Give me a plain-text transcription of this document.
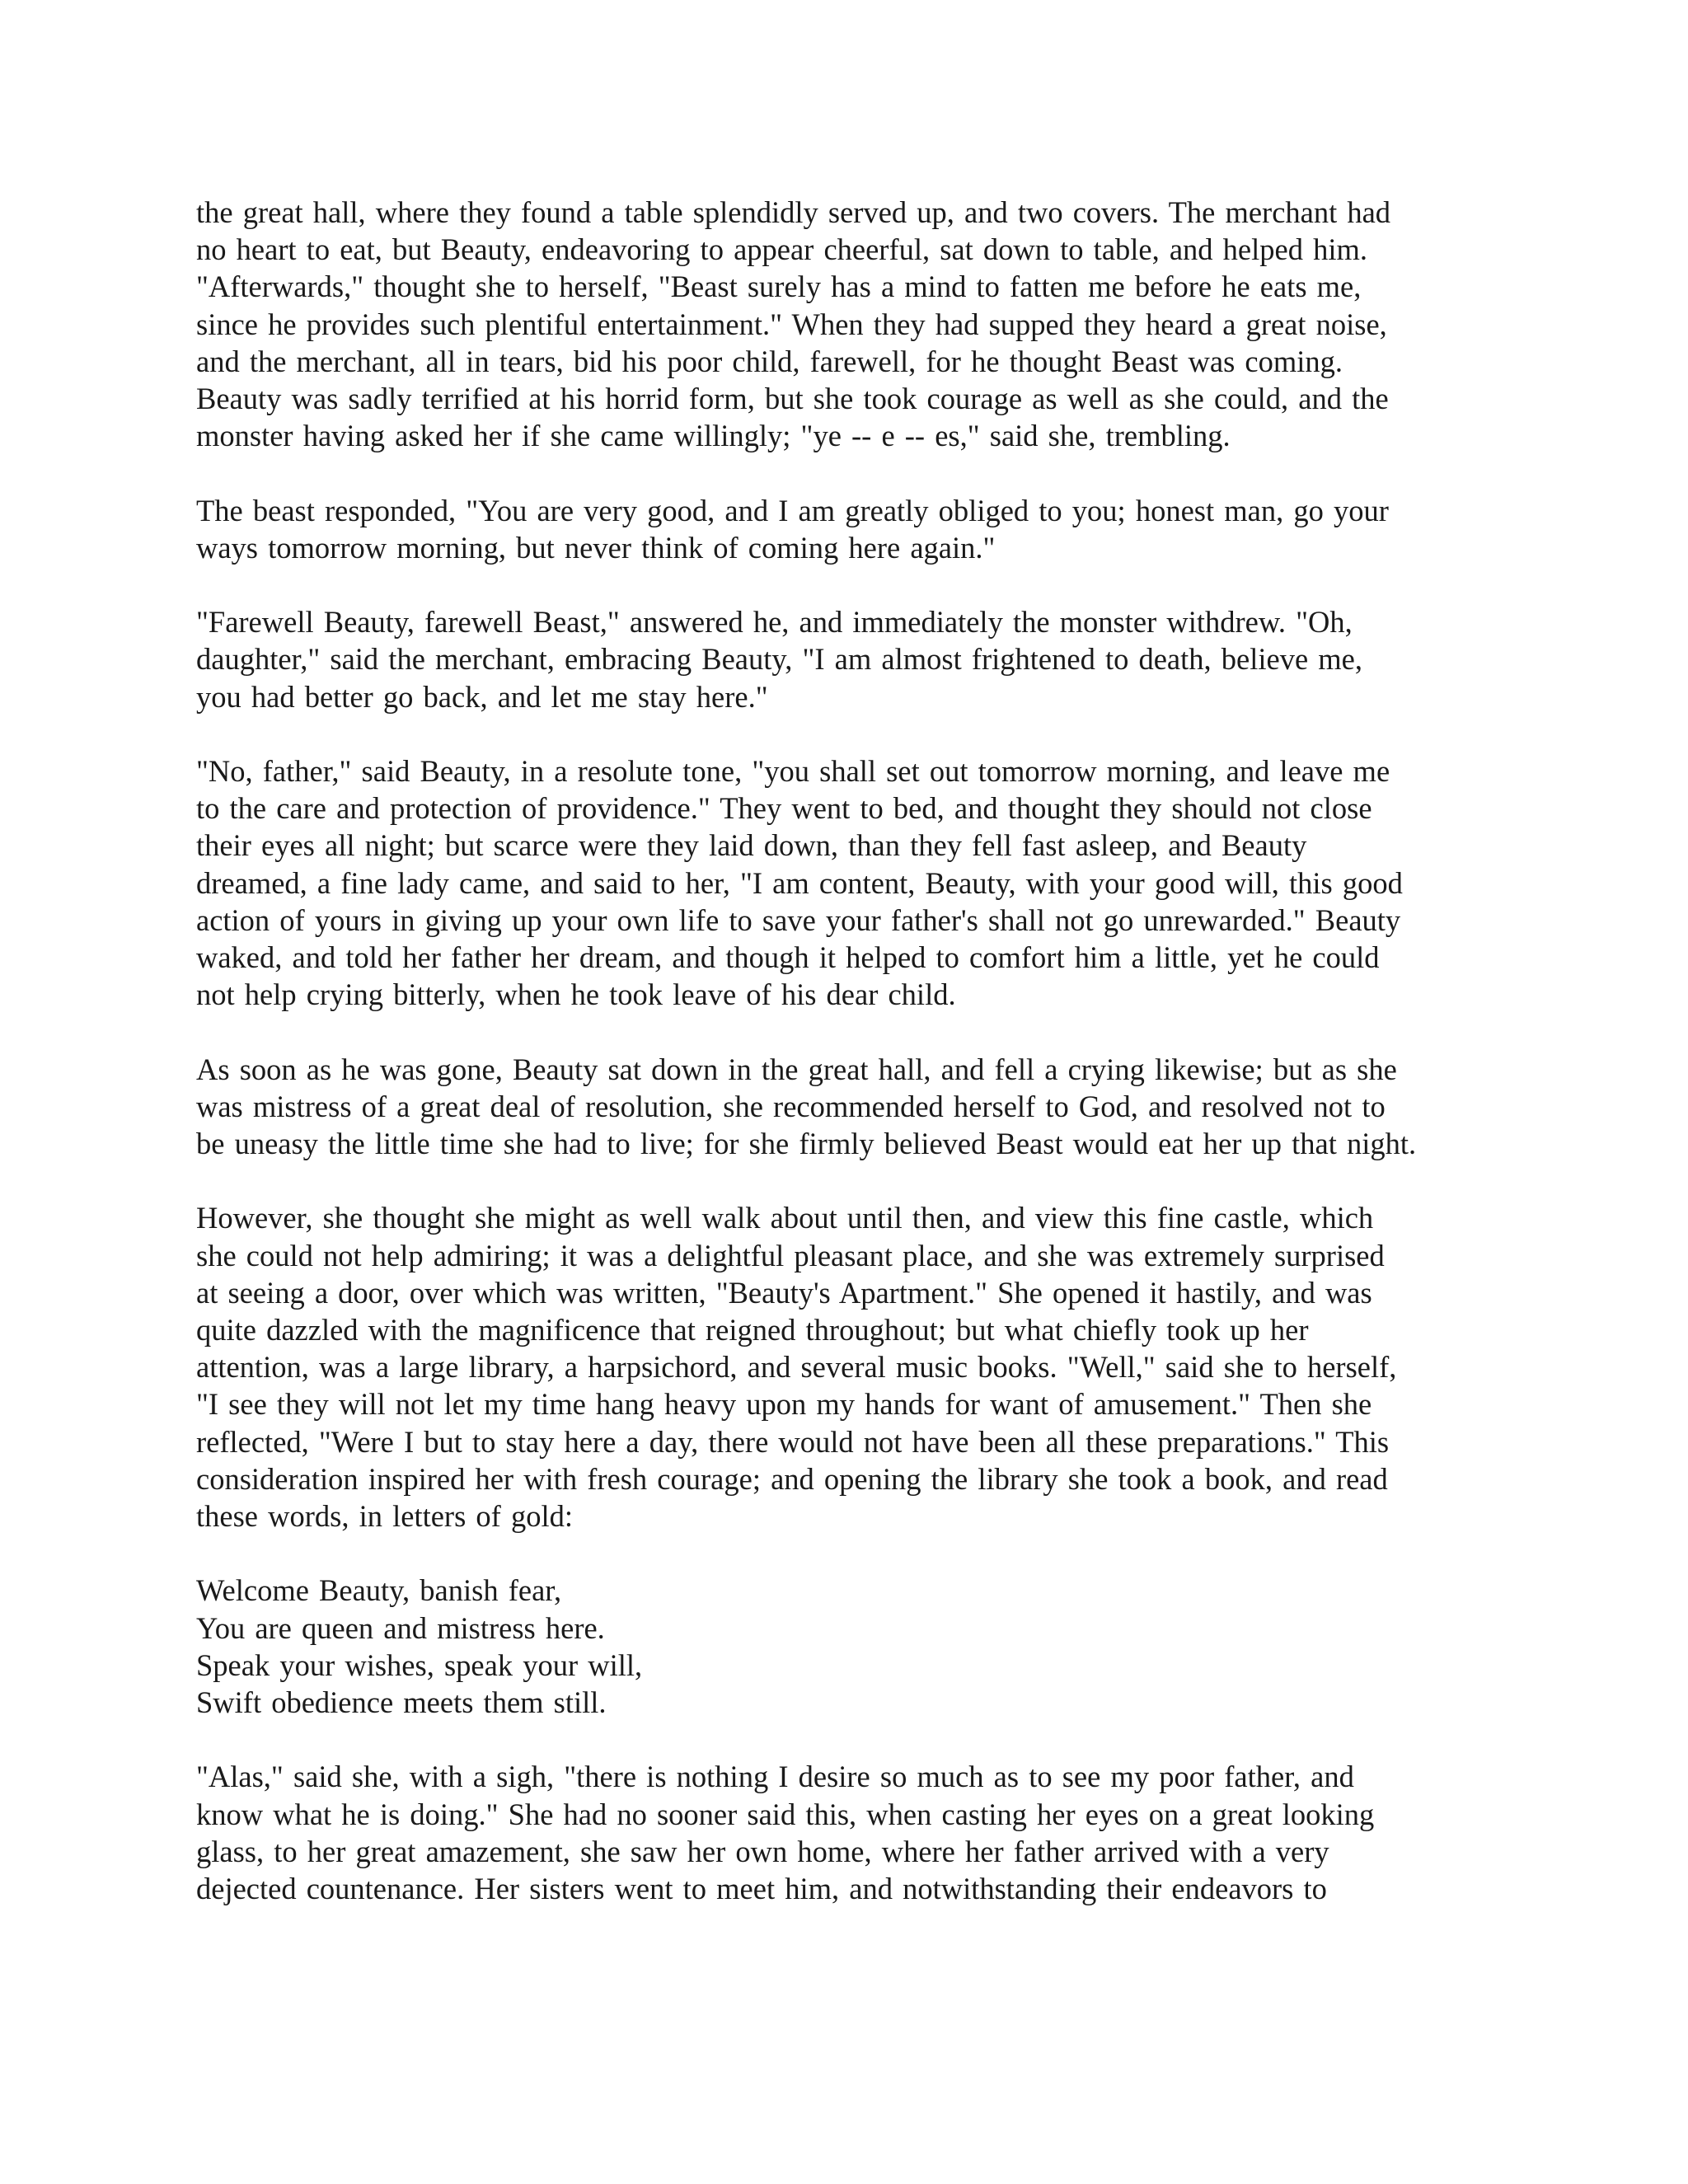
the great hall, where they found a table splendidly served up, and two covers. The merchant had
no heart to eat, but Beauty, endeavoring to appear cheerful, sat down to table, and helped him.
"Afterwards," thought she to herself, "Beast surely has a mind to fatten me before he eats me,
since he provides such plentiful entertainment." When they had supped they heard a great noise,
and the merchant, all in tears, bid his poor child, farewell, for he thought Beast was coming.
Beauty was sadly terrified at his horrid form, but she took courage as well as she could, and the
monster having asked her if she came willingly; "ye -- e -- es," said she, trembling.
The beast responded, "You are very good, and I am greatly obliged to you; honest man, go your
ways tomorrow morning, but never think of coming here again."
"Farewell Beauty, farewell Beast," answered he, and immediately the monster withdrew. "Oh,
daughter," said the merchant, embracing Beauty, "I am almost frightened to death, believe me,
you had better go back, and let me stay here."
"No, father," said Beauty, in a resolute tone, "you shall set out tomorrow morning, and leave me
to the care and protection of providence." They went to bed, and thought they should not close
their eyes all night; but scarce were they laid down, than they fell fast asleep, and Beauty
dreamed, a fine lady came, and said to her, "I am content, Beauty, with your good will, this good
action of yours in giving up your own life to save your father's shall not go unrewarded." Beauty
waked, and told her father her dream, and though it helped to comfort him a little, yet he could
not help crying bitterly, when he took leave of his dear child.
As soon as he was gone, Beauty sat down in the great hall, and fell a crying likewise; but as she
was mistress of a great deal of resolution, she recommended herself to God, and resolved not to
be uneasy the little time she had to live; for she firmly believed Beast would eat her up that night.
However, she thought she might as well walk about until then, and view this fine castle, which
she could not help admiring; it was a delightful pleasant place, and she was extremely surprised
at seeing a door, over which was written, "Beauty's Apartment." She opened it hastily, and was
quite dazzled with the magnificence that reigned throughout; but what chiefly took up her
attention, was a large library, a harpsichord, and several music books. "Well," said she to herself,
"I see they will not let my time hang heavy upon my hands for want of amusement." Then she
reflected, "Were I but to stay here a day, there would not have been all these preparations." This
consideration inspired her with fresh courage; and opening the library she took a book, and read
these words, in letters of gold:
Welcome Beauty, banish fear,
You are queen and mistress here.
Speak your wishes, speak your will,
Swift obedience meets them still.
"Alas," said she, with a sigh, "there is nothing I desire so much as to see my poor father, and
know what he is doing." She had no sooner said this, when casting her eyes on a great looking
glass, to her great amazement, she saw her own home, where her father arrived with a very
dejected countenance. Her sisters went to meet him, and notwithstanding their endeavors to
